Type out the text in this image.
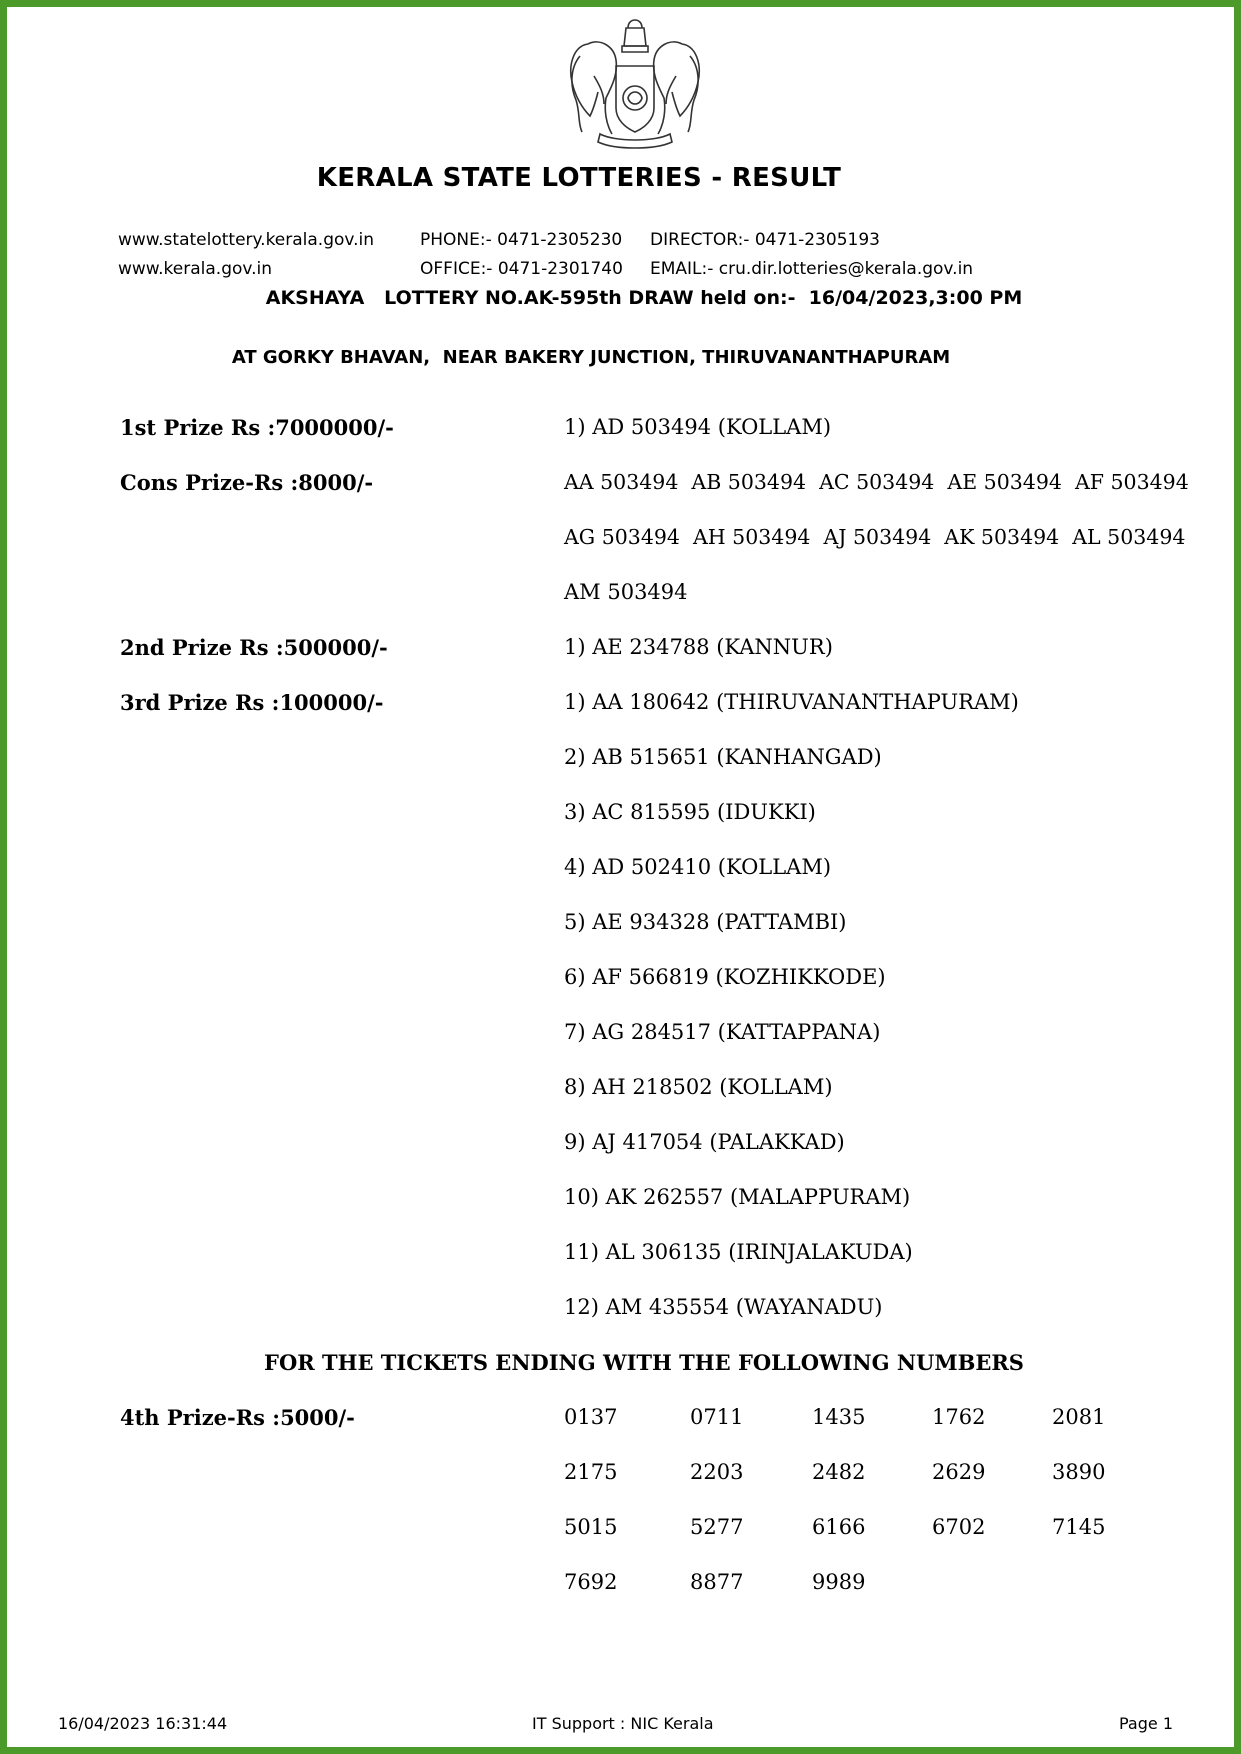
KERALA STATE LOTTERIES - RESULT
www.statelottery.kerala.gov.in
www.kerala.gov.in
PHONE:- 0471-2305230
OFFICE:- 0471-2301740
DIRECTOR:- 0471-2305193
EMAIL:- cru.dir.lotteries@kerala.gov.in
AKSHAYA   LOTTERY NO.AK-595th DRAW held on:-  16/04/2023,3:00 PM
AT GORKY BHAVAN,  NEAR BAKERY JUNCTION, THIRUVANANTHAPURAM
1st Prize Rs :7000000/-	1) AD 503494 (KOLLAM)
Cons Prize-Rs :8000/-	AA 503494  AB 503494  AC 503494  AE 503494  AF 503494
AG 503494  AH 503494  AJ 503494  AK 503494  AL 503494
AM 503494
2nd Prize Rs :500000/-	1) AE 234788 (KANNUR)
3rd Prize Rs :100000/-	1) AA 180642 (THIRUVANANTHAPURAM)
2) AB 515651 (KANHANGAD)
3) AC 815595 (IDUKKI)
4) AD 502410 (KOLLAM)
5) AE 934328 (PATTAMBI)
6) AF 566819 (KOZHIKKODE)
7) AG 284517 (KATTAPPANA)
8) AH 218502 (KOLLAM)
9) AJ 417054 (PALAKKAD)
10) AK 262557 (MALAPPURAM)
11) AL 306135 (IRINJALAKUDA)
12) AM 435554 (WAYANADU)
FOR THE TICKETS ENDING WITH THE FOLLOWING NUMBERS
4th Prize-Rs :5000/-	0137	0711	1435	1762	2081
2175	2203	2482	2629	3890
5015	5277	6166	6702	7145
7692	8877	9989
16/04/2023 16:31:44	IT Support : NIC Kerala	Page 1
